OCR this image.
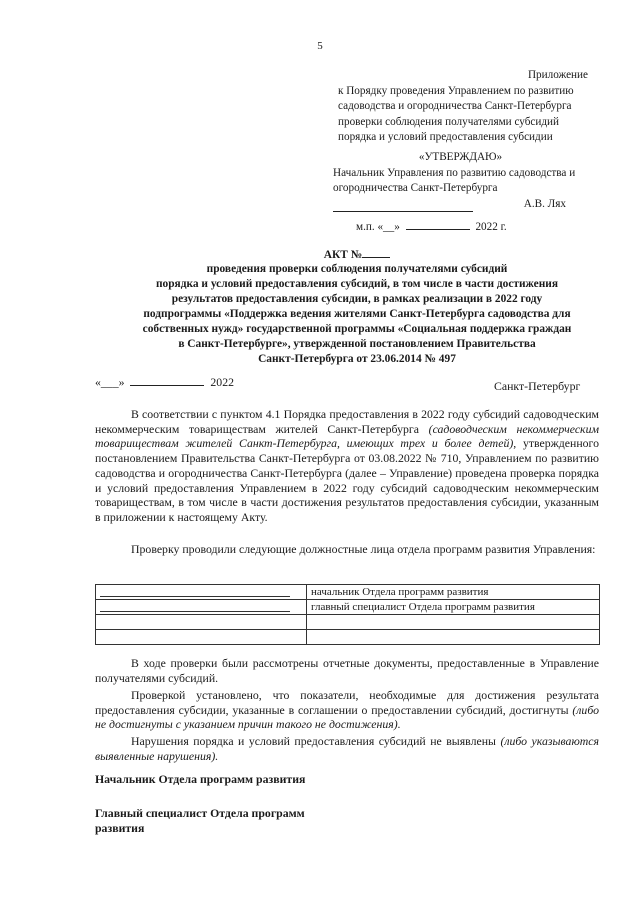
5
Приложение
к Порядку проведения Управлением по развитию садоводства и огородничества Санкт-Петербурга проверки соблюдения получателями субсидий порядка и условий предоставления субсидии
«УТВЕРЖДАЮ»
Начальник Управления по развитию садоводства и огородничества Санкт-Петербурга
А.В. Лях
м.п. «__»	2022 г.
АКТ №
проведения проверки соблюдения получателями субсидий
порядка и условий предоставления субсидий, в том числе в части достижения
результатов предоставления субсидии, в рамках реализации в 2022 году
подпрограммы «Поддержка ведения жителями Санкт-Петербурга садоводства для
собственных нужд» государственной программы «Социальная поддержка граждан
в Санкт-Петербурге», утвержденной постановлением Правительства
Санкт-Петербурга от 23.06.2014 № 497
«___»	2022	Санкт-Петербург
В соответствии с пунктом 4.1 Порядка предоставления в 2022 году субсидий садоводческим некоммерческим товариществам жителей Санкт-Петербурга (садоводческим некоммерческим товариществам жителей Санкт-Петербурга, имеющих трех и более детей), утвержденного постановлением Правительства Санкт-Петербурга от 03.08.2022 № 710, Управлением по развитию садоводства и огородничества Санкт-Петербурга (далее – Управление) проведена проверка порядка и условий предоставления Управлением в 2022 году субсидий садоводческим некоммерческим товариществам, в том числе в части достижения результатов предоставления субсидии, указанным в приложении к настоящему Акту.
Проверку проводили следующие должностные лица отдела программ развития Управления:
	начальник Отдела программ развития

	главный специалист Отдела программ развития

В ходе проверки были рассмотрены отчетные документы, предоставленные в Управление получателями субсидий.
Проверкой установлено, что показатели, необходимые для достижения результата предоставления субсидии, указанные в соглашении о предоставлении субсидий, достигнуты (либо не достигнуты с указанием причин такого не достижения).
Нарушения порядка и условий предоставления субсидий не выявлены (либо указываются выявленные нарушения).
Начальник Отдела программ развития
Главный специалист Отдела программ развития
